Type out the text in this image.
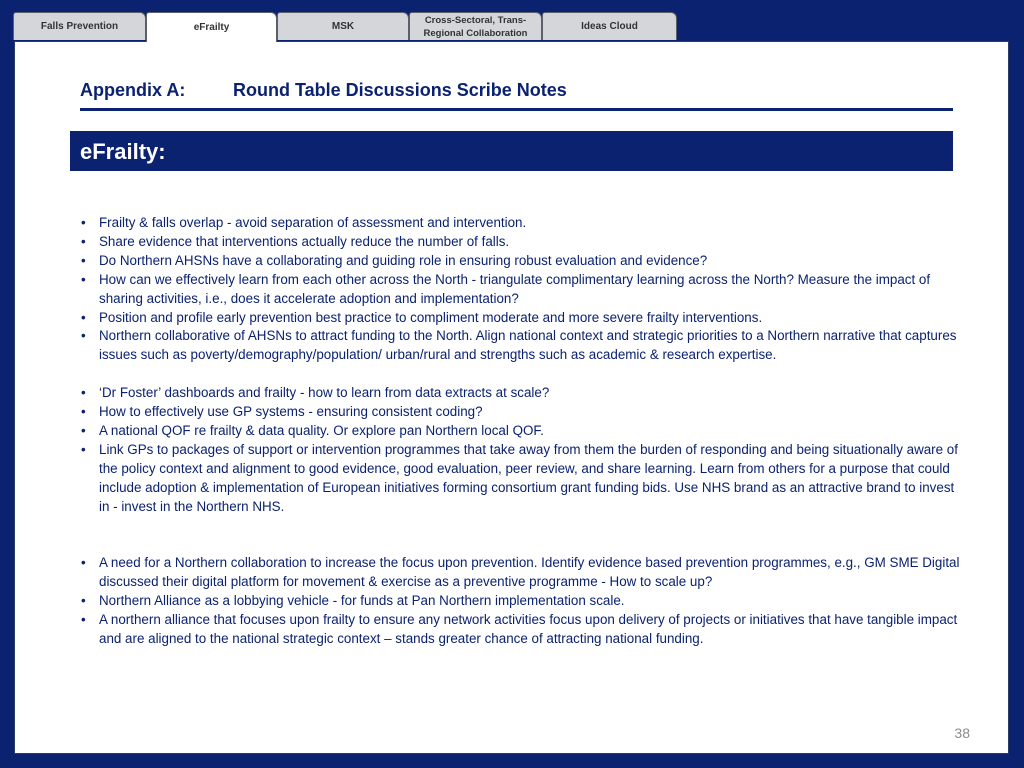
Falls Prevention	eFrailty	MSK
Cross-Sectoral, Trans-Regional Collaboration
Ideas Cloud
Appendix A:	Round Table Discussions Scribe Notes
eFrailty:
• Frailty & falls overlap - avoid separation of assessment and intervention.
• Share evidence that interventions actually reduce the number of falls.
• Do Northern AHSNs have a collaborating and guiding role in ensuring robust evaluation and evidence?
• How can we effectively learn from each other across the North - triangulate complimentary learning across the North? Measure the impact of sharing activities, i.e., does it accelerate adoption and implementation?
• Position and profile early prevention best practice to compliment moderate and more severe frailty interventions.
• Northern collaborative of AHSNs to attract funding to the North. Align national context and strategic priorities to a Northern narrative that captures issues such as poverty/demography/population/ urban/rural and strengths such as academic & research expertise.
• ‘Dr Foster’ dashboards and frailty - how to learn from data extracts at scale?
• How to effectively use GP systems - ensuring consistent coding?
• A national QOF re frailty & data quality. Or explore pan Northern local QOF.
• Link GPs to packages of support or intervention programmes that take away from them the burden of responding and being situationally aware of the policy context and alignment to good evidence, good evaluation, peer review, and share learning. Learn from others for a purpose that could include adoption & implementation of European initiatives forming consortium grant funding bids. Use NHS brand as an attractive brand to invest in - invest in the Northern NHS.
• A need for a Northern collaboration to increase the focus upon prevention. Identify evidence based prevention programmes, e.g., GM SME Digital discussed their digital platform for movement & exercise as a preventive programme - How to scale up?
• Northern Alliance as a lobbying vehicle - for funds at Pan Northern implementation scale.
• A northern alliance that focuses upon frailty to ensure any network activities focus upon delivery of projects or initiatives that have tangible impact and are aligned to the national strategic context – stands greater chance of attracting national funding.
38
